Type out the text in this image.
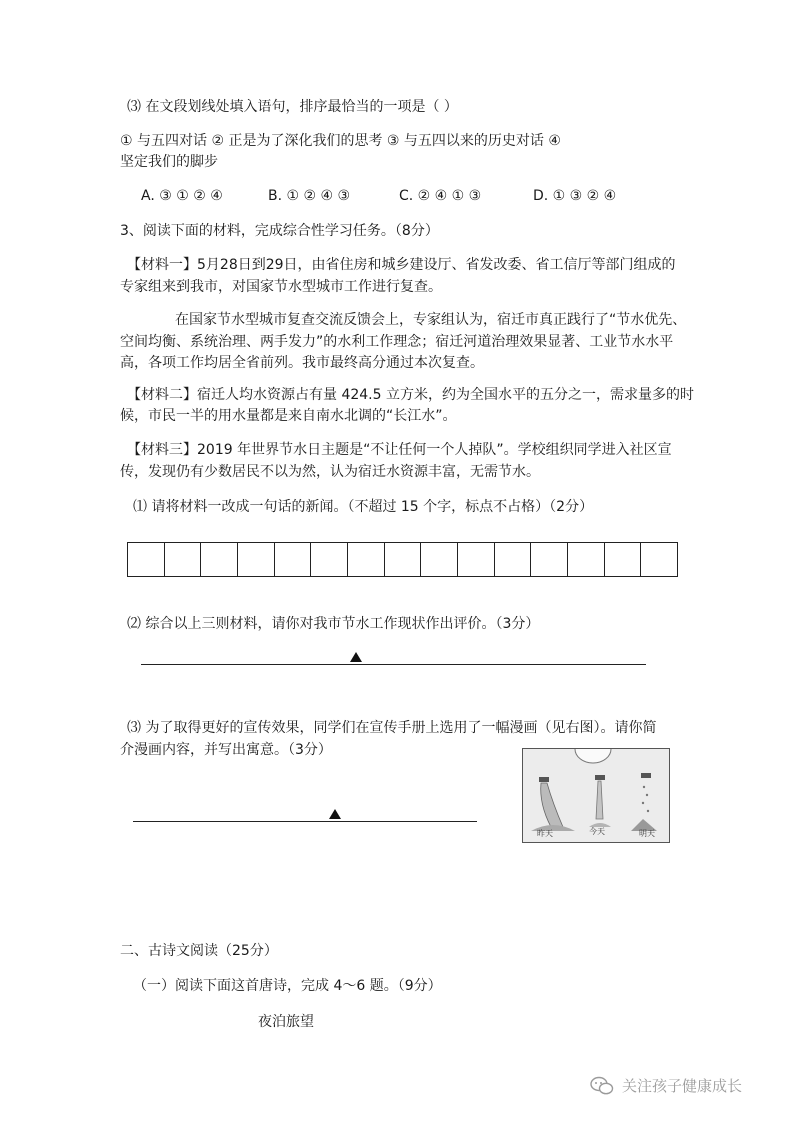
⑶ 在文段划线处填入语句，排序最恰当的一项是（ ）
① 与五四对话 ② 正是为了深化我们的思考 ③ 与五四以来的历史对话 ④
坚定我们的脚步
A. ③ ① ② ④	B. ① ② ④ ③	C. ② ④ ① ③	D. ① ③ ② ④
3、阅读下面的材料，完成综合性学习任务。（8分）
【材料一】5月28日到29日，由省住房和城乡建设厅、省发改委、省工信厅等部门组成的
专家组来到我市，对国家节水型城市工作进行复查。
在国家节水型城市复查交流反馈会上，专家组认为，宿迁市真正践行了“节水优先、
空间均衡、系统治理、两手发力”的水利工作理念；宿迁河道治理效果显著、工业节水水平
高，各项工作均居全省前列。我市最终高分通过本次复查。
【材料二】宿迁人均水资源占有量 424.5 立方米，约为全国水平的五分之一，需求量多的时
候，市民一半的用水量都是来自南水北调的“长江水”。
【材料三】2019 年世界节水日主题是“不让任何一个人掉队”。学校组织同学进入社区宣
传，发现仍有少数居民不以为然，认为宿迁水资源丰富，无需节水。
⑴ 请将材料一改成一句话的新闻。（不超过 15 个字，标点不占格）（2分）
⑵ 综合以上三则材料，请你对我市节水工作现状作出评价。（3分）
⑶ 为了取得更好的宣传效果，同学们在宣传手册上选用了一幅漫画（见右图）。请你简
介漫画内容，并写出寓意。（3分）
昨天	今天	明天
二、古诗文阅读（25分）
（一）阅读下面这首唐诗，完成 4～6 题。（9分）
夜泊旅望
关注孩子健康成长
